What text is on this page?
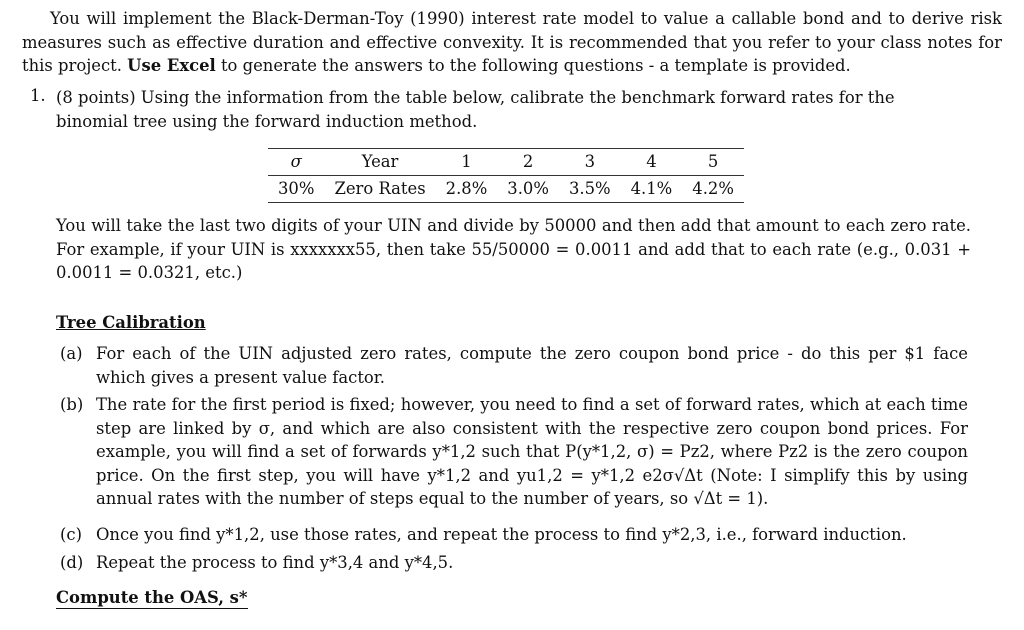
You will implement the Black-Derman-Toy (1990) interest rate model to value a callable bond and to derive risk measures such as effective duration and effective convexity. It is recommended that you refer to your class notes for this project. Use Excel to generate the answers to the following questions - a template is provided.

1. (8 points) Using the information from the table below, calibrate the benchmark forward rates for the binomial tree using the forward induction method.

σ	Year	1	2	3	4	5
30%	Zero Rates	2.8%	3.0%	3.5%	4.1%	4.2%

You will take the last two digits of your UIN and divide by 50000 and then add that amount to each zero rate. For example, if your UIN is xxxxxxx55, then take 55/50000 = 0.0011 and add that to each rate (e.g., 0.031 + 0.0011 = 0.0321, etc.)

Tree Calibration
(a) For each of the UIN adjusted zero rates, compute the zero coupon bond price - do this per $1 face which gives a present value factor.

(b) The rate for the first period is fixed; however, you need to find a set of forward rates, which at each time step are linked by σ, and which are also consistent with the respective zero coupon bond prices. For example, you will find a set of forwards y*1,2 such that P(y*1,2, σ) = Pz2, where Pz2 is the zero coupon price. On the first step, you will have y*1,2 and yu1,2 = y*1,2 e2σ√Δt (Note: I simplify this by using annual rates with the number of steps equal to the number of years, so √Δt = 1).

(c) Once you find y*1,2, use those rates, and repeat the process to find y*2,3, i.e., forward induction.

(d) Repeat the process to find y*3,4 and y*4,5.

Compute the OAS, s*
